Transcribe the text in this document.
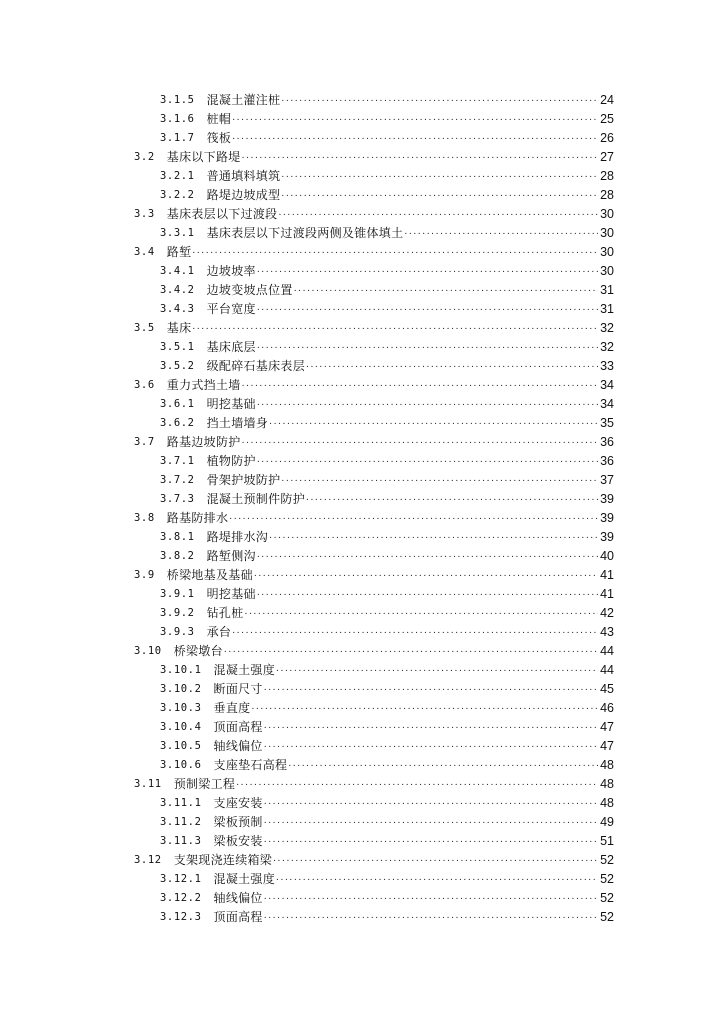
3.1.5 混凝土灌注桩 .....	24
3.1.6 桩帽 .....	25
3.1.7 筏板 .....	26
3.2 基床以下路堤 .....	27
3.2.1 普通填料填筑 .....	28
3.2.2 路堤边坡成型 .....	28
3.3 基床表层以下过渡段 .....	30
3.3.1 基床表层以下过渡段两侧及锥体填土 .....	30
3.4 路堑 .....	30
3.4.1 边坡坡率 .....	30
3.4.2 边坡变坡点位置 .....	31
3.4.3 平台宽度 .....	31
3.5 基床 .....	32
3.5.1 基床底层 .....	32
3.5.2 级配碎石基床表层 .....	33
3.6 重力式挡土墙 .....	34
3.6.1 明挖基础 .....	34
3.6.2 挡土墙墙身 .....	35
3.7 路基边坡防护 .....	36
3.7.1 植物防护 .....	36
3.7.2 骨架护坡防护 .....	37
3.7.3 混凝土预制件防护 .....	39
3.8 路基防排水 .....	39
3.8.1 路堤排水沟 .....	39
3.8.2 路堑侧沟 .....	40
3.9 桥梁地基及基础 .....	41
3.9.1 明挖基础 .....	41
3.9.2 钻孔桩 .....	42
3.9.3 承台 .....	43
3.10 桥梁墩台 .....	44
3.10.1 混凝土强度 .....	44
3.10.2 断面尺寸 .....	45
3.10.3 垂直度 .....	46
3.10.4 顶面高程 .....	47
3.10.5 轴线偏位 .....	47
3.10.6 支座垫石高程 .....	48
3.11 预制梁工程 .....	48
3.11.1 支座安装 .....	48
3.11.2 梁板预制 .....	49
3.11.3 梁板安装 .....	51
3.12 支架现浇连续箱梁 .....	52
3.12.1 混凝土强度 .....	52
3.12.2 轴线偏位 .....	52
3.12.3 顶面高程 .....	52
